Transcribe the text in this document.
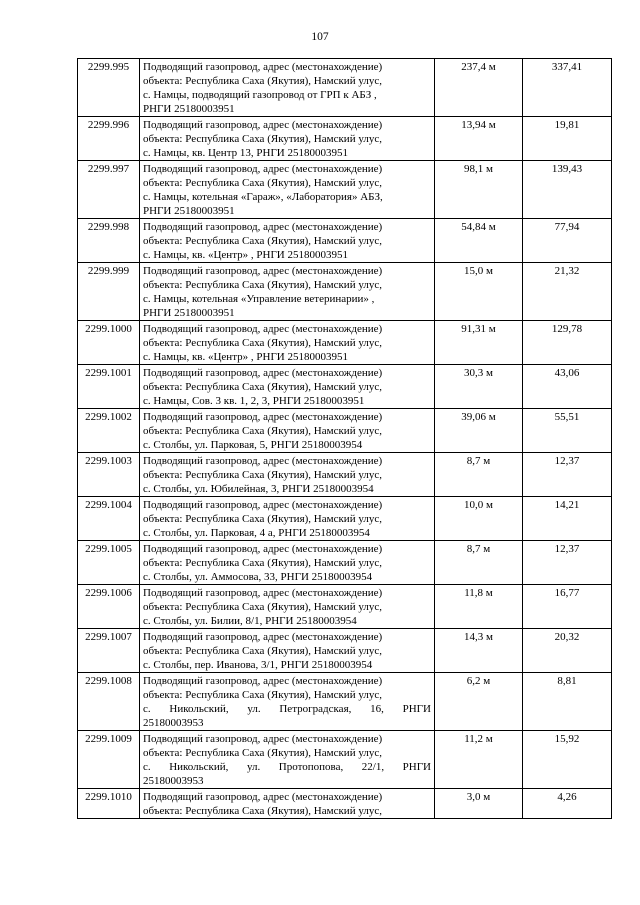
107
2299.995	Подводящий газопровод, адрес (местонахождение)
объекта: Республика Саха (Якутия), Намский улус,
с. Намцы, подводящий газопровод от ГРП к АБЗ ,
РНГИ 25180003951	237,4 м	337,41
2299.996	Подводящий газопровод, адрес (местонахождение)
объекта: Республика Саха (Якутия), Намский улус,
с. Намцы, кв. Центр 13, РНГИ 25180003951	13,94 м	19,81
2299.997	Подводящий газопровод, адрес (местонахождение)
объекта: Республика Саха (Якутия), Намский улус,
с. Намцы, котельная «Гараж», «Лаборатория» АБЗ,
РНГИ 25180003951	98,1 м	139,43
2299.998	Подводящий газопровод, адрес (местонахождение)
объекта: Республика Саха (Якутия), Намский улус,
с. Намцы, кв. «Центр» , РНГИ 25180003951	54,84 м	77,94
2299.999	Подводящий газопровод, адрес (местонахождение)
объекта: Республика Саха (Якутия), Намский улус,
с. Намцы, котельная «Управление ветеринарии» ,
РНГИ 25180003951	15,0 м	21,32
2299.1000	Подводящий газопровод, адрес (местонахождение)
объекта: Республика Саха (Якутия), Намский улус,
с. Намцы, кв. «Центр» , РНГИ 25180003951	91,31 м	129,78
2299.1001	Подводящий газопровод, адрес (местонахождение)
объекта: Республика Саха (Якутия), Намский улус,
с. Намцы, Сов. 3 кв. 1, 2, 3, РНГИ 25180003951	30,3 м	43,06
2299.1002	Подводящий газопровод, адрес (местонахождение)
объекта: Республика Саха (Якутия), Намский улус,
с. Столбы, ул. Парковая, 5, РНГИ 25180003954	39,06 м	55,51
2299.1003	Подводящий газопровод, адрес (местонахождение)
объекта: Республика Саха (Якутия), Намский улус,
с. Столбы, ул. Юбилейная, 3, РНГИ 25180003954	8,7 м	12,37
2299.1004	Подводящий газопровод, адрес (местонахождение)
объекта: Республика Саха (Якутия), Намский улус,
с. Столбы, ул. Парковая, 4 а, РНГИ 25180003954	10,0 м	14,21
2299.1005	Подводящий газопровод, адрес (местонахождение)
объекта: Республика Саха (Якутия), Намский улус,
с. Столбы, ул. Аммосова, 33, РНГИ 25180003954	8,7 м	12,37
2299.1006	Подводящий газопровод, адрес (местонахождение)
объекта: Республика Саха (Якутия), Намский улус,
с. Столбы, ул. Билии, 8/1, РНГИ 25180003954	11,8 м	16,77
2299.1007	Подводящий газопровод, адрес (местонахождение)
объекта: Республика Саха (Якутия), Намский улус,
с. Столбы, пер. Иванова, 3/1, РНГИ 25180003954	14,3 м	20,32
2299.1008	Подводящий газопровод, адрес (местонахождение)
объекта: Республика Саха (Якутия), Намский улус,
с. Никольский, ул. Петроградская, 16, РНГИ
25180003953	6,2 м	8,81
2299.1009	Подводящий газопровод, адрес (местонахождение)
объекта: Республика Саха (Якутия), Намский улус,
с. Никольский, ул. Протопопова, 22/1, РНГИ
25180003953	11,2 м	15,92
2299.1010	Подводящий газопровод, адрес (местонахождение)
объекта: Республика Саха (Якутия), Намский улус,	3,0 м	4,26
